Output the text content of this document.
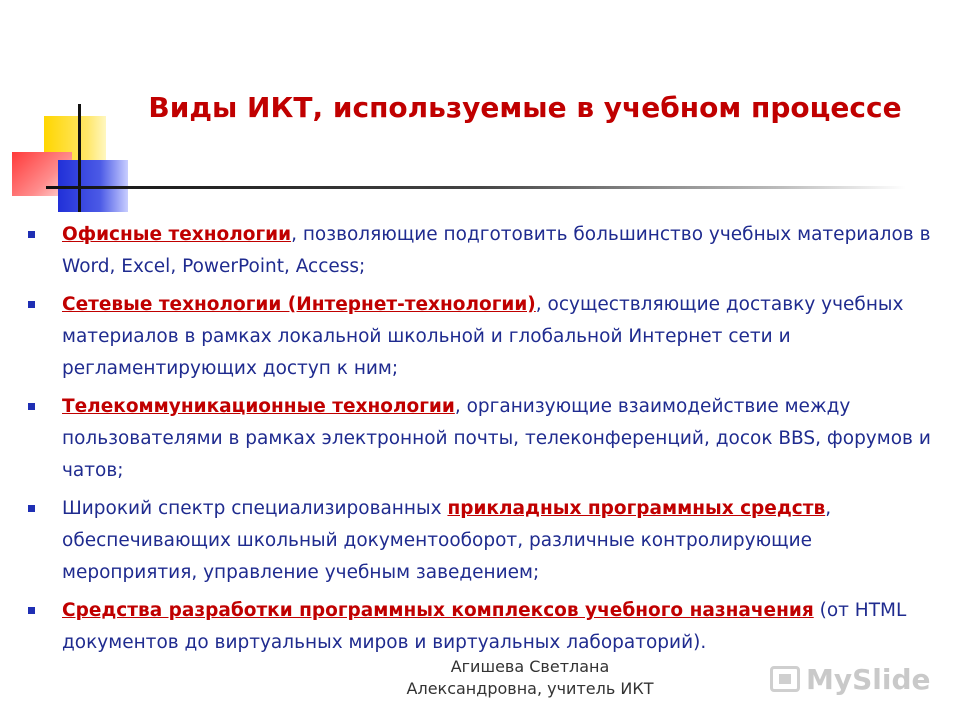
Виды ИКТ, используемые в учебном процессе
Офисные технологии, позволяющие подготовить большинство учебных материалов в Word, Excel, PowerPoint, Access;
Сетевые технологии (Интернет-технологии), осуществляющие доставку учебных материалов в рамках локальной школьной и глобальной Интернет сети и регламентирующих доступ к ним;
Телекоммуникационные технологии, организующие взаимодействие между пользователями в рамках электронной почты, телеконференций, досок BBS, форумов и чатов;
Широкий спектр специализированных прикладных программных средств, обеспечивающих школьный документооборот, различные контролирующие мероприятия, управление учебным заведением;
Средства разработки программных комплексов учебного назначения (от HTML документов до виртуальных миров и виртуальных лабораторий).
Агишева Светлана
Александровна, учитель ИКТ	MySlide
